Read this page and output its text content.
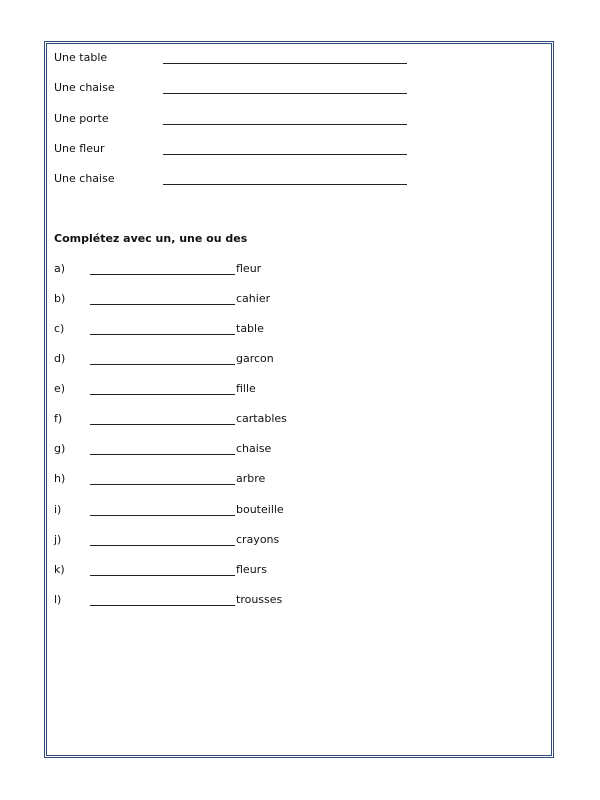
Une table
Une chaise
Une porte
Une fleur
Une chaise
Complétez avec un, une ou des
a)	fleur
b)	cahier
c)	table
d)	garcon
e)	fille
f)	cartables
g)	chaise
h)	arbre
i)	bouteille
j)	crayons
k)	fleurs
l)	trousses
